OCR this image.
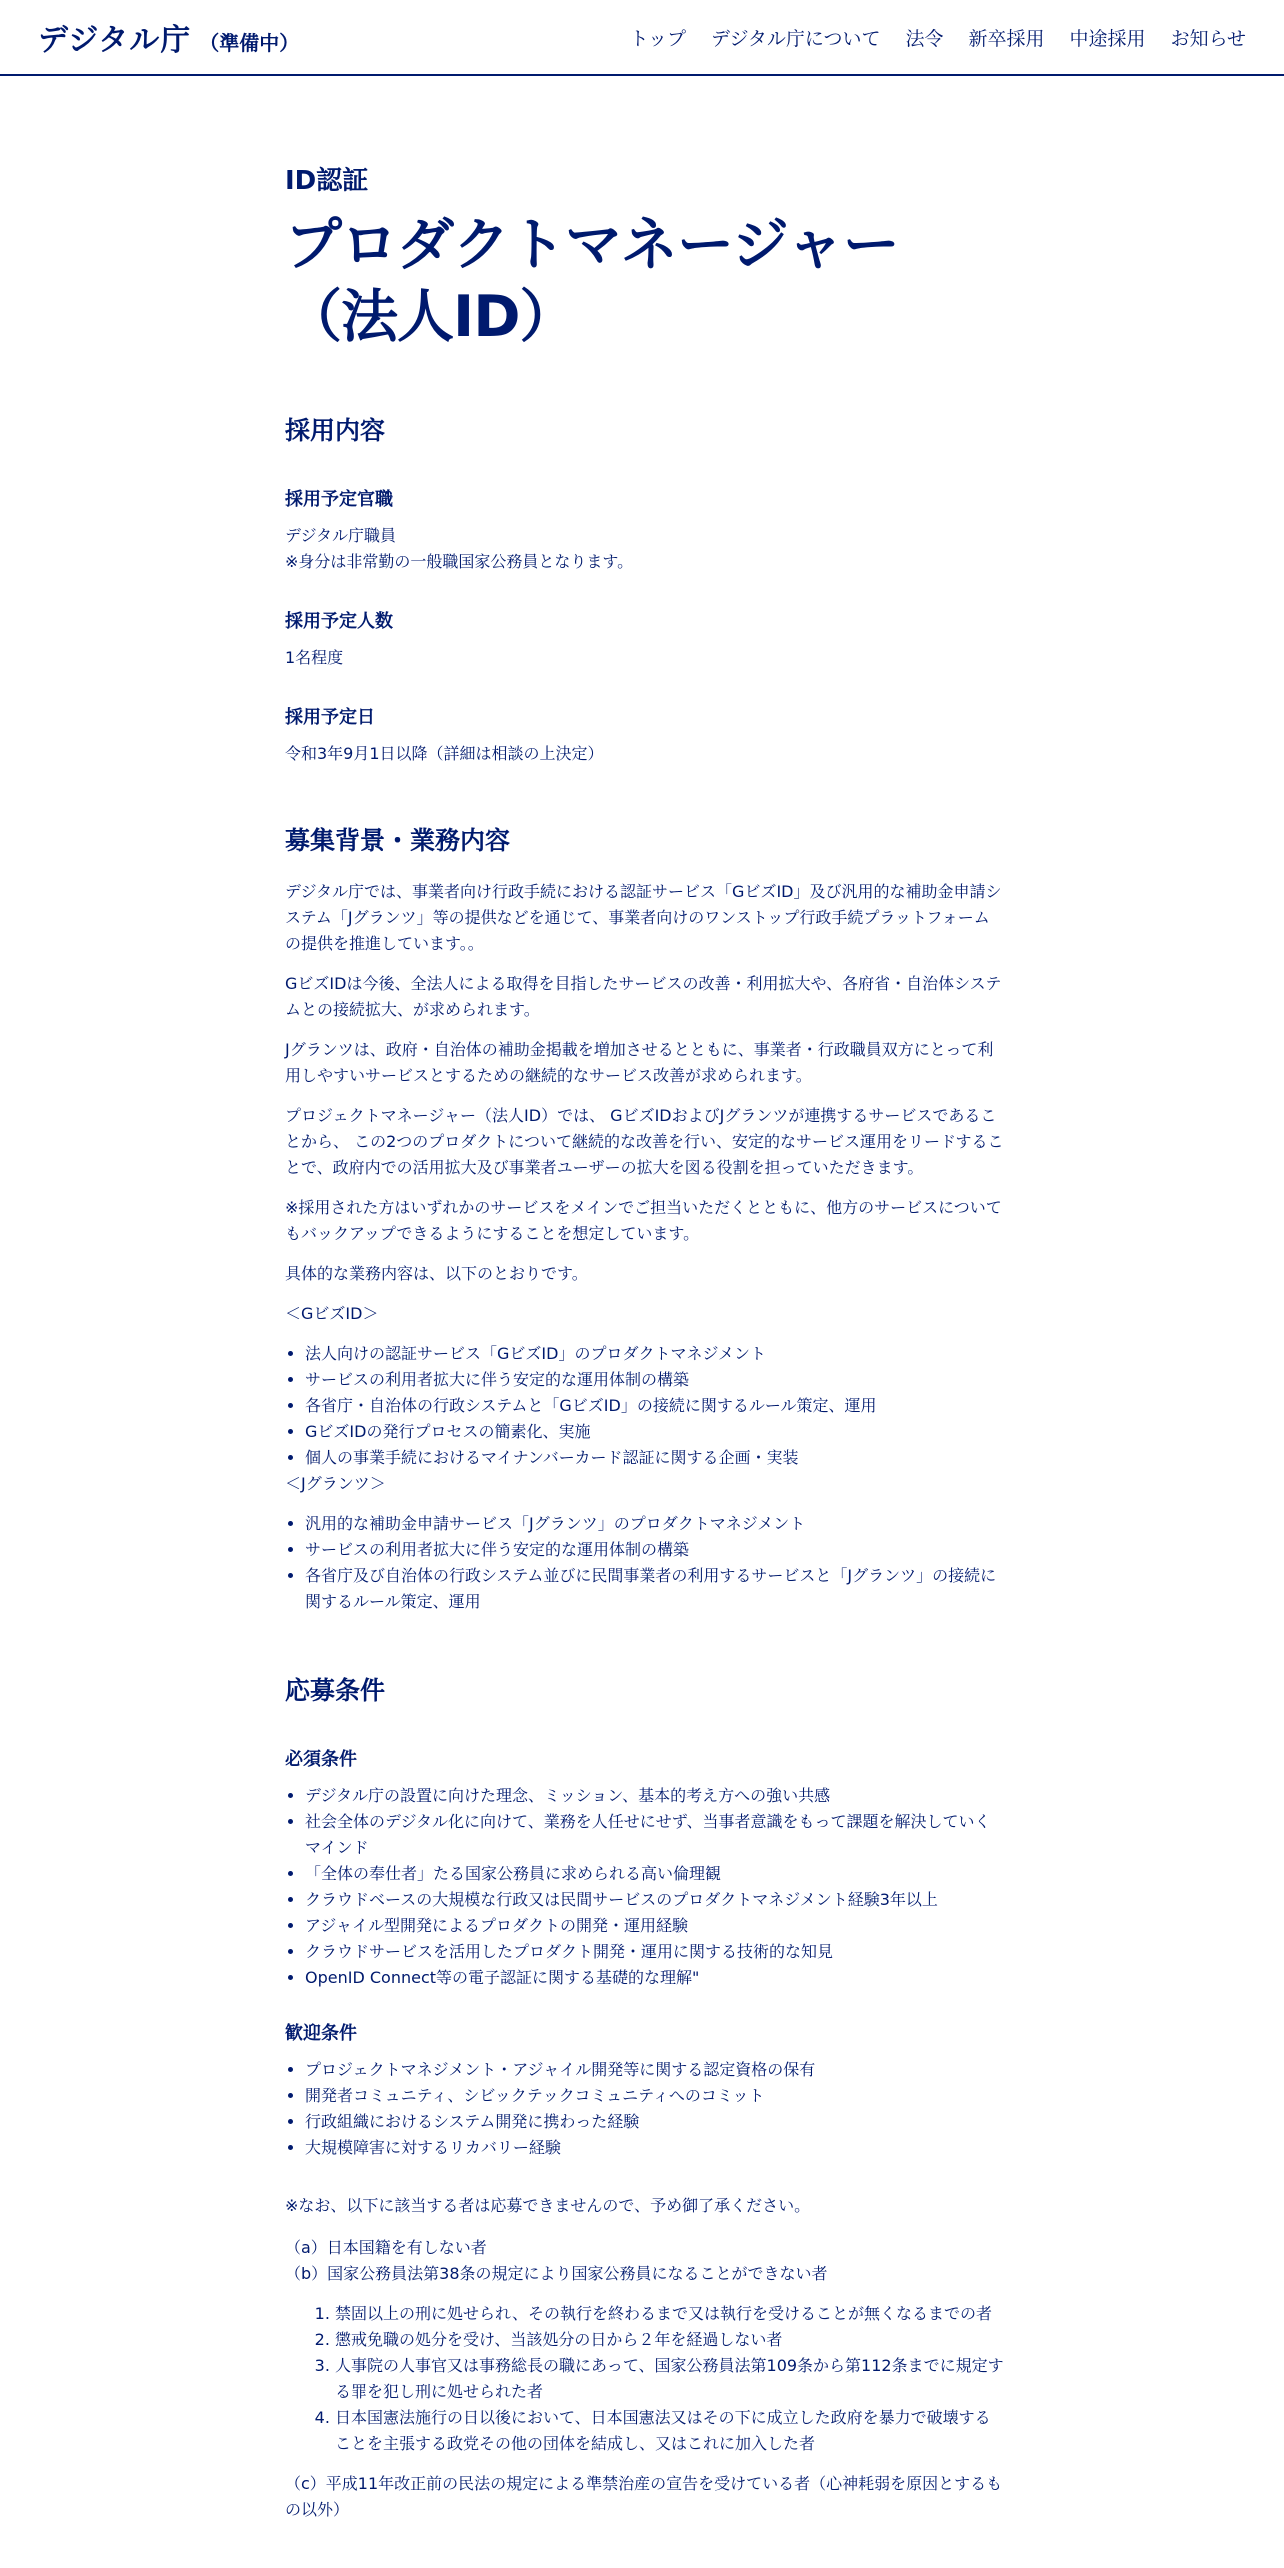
デジタル庁 （準備中）	トップ デジタル庁について 法令 新卒採用 中途採用 お知らせ
ID認証
プロダクトマネージャー（法人ID）
採用内容
採用予定官職

デジタル庁職員

※身分は非常勤の一般職国家公務員となります。

採用予定人数

1名程度

採用予定日

令和3年9月1日以降（詳細は相談の上決定）

募集背景・業務内容

デジタル庁では、事業者向け行政手続における認証サービス「GビズID」及び汎用的な補助金申請システム「Jグランツ」等の提供などを通じて、事業者向けのワンストップ行政手続プラットフォームの提供を推進しています。。

GビズIDは今後、全法人による取得を目指したサービスの改善・利用拡大や、各府省・自治体システムとの接続拡大、が求められます。

Jグランツは、政府・自治体の補助金掲載を増加させるとともに、事業者・行政職員双方にとって利用しやすいサービスとするための継続的なサービス改善が求められます。

プロジェクトマネージャー（法人ID）では、 GビズIDおよびJグランツが連携するサービスであることから、 この2つのプロダクトについて継続的な改善を行い、安定的なサービス運用をリードすることで、政府内での活用拡大及び事業者ユーザーの拡大を図る役割を担っていただきます。

※採用された方はいずれかのサービスをメインでご担当いただくとともに、他方のサービスについてもバックアップできるようにすることを想定しています。

具体的な業務内容は、以下のとおりです。

＜GビズID＞

• 法人向けの認証サービス「GビズID」のプロダクトマネジメント
• サービスの利用者拡大に伴う安定的な運用体制の構築
• 各省庁・自治体の行政システムと「GビズID」の接続に関するルール策定、運用
• GビズIDの発行プロセスの簡素化、実施
• 個人の事業手続におけるマイナンバーカード認証に関する企画・実装

＜Jグランツ＞

• 汎用的な補助金申請サービス「Jグランツ」のプロダクトマネジメント
• サービスの利用者拡大に伴う安定的な運用体制の構築
• 各省庁及び自治体の行政システム並びに民間事業者の利用するサービスと「Jグランツ」の接続に関するルール策定、運用
応募条件
必須条件
• デジタル庁の設置に向けた理念、ミッション、基本的考え方への強い共感
• 社会全体のデジタル化に向けて、業務を人任せにせず、当事者意識をもって課題を解決していくマインド
• 「全体の奉仕者」たる国家公務員に求められる高い倫理観
• クラウドベースの大規模な行政又は民間サービスのプロダクトマネジメント経験3年以上
• アジャイル型開発によるプロダクトの開発・運用経験
• クラウドサービスを活用したプロダクト開発・運用に関する技術的な知見
• OpenID Connect等の電子認証に関する基礎的な理解"
歓迎条件
• プロジェクトマネジメント・アジャイル開発等に関する認定資格の保有
• 開発者コミュニティ、シビックテックコミュニティへのコミット
• 行政組織におけるシステム開発に携わった経験
• 大規模障害に対するリカバリー経験

※なお、以下に該当する者は応募できませんので、予め御了承ください。

（a）日本国籍を有しない者

（b）国家公務員法第38条の規定により国家公務員になることができない者

1. 禁固以上の刑に処せられ、その執行を終わるまで又は執行を受けることが無くなるまでの者
2. 懲戒免職の処分を受け、当該処分の日から２年を経過しない者
3. 人事院の人事官又は事務総長の職にあって、国家公務員法第109条から第112条までに規定する罪を犯し刑に処せられた者
4. 日本国憲法施行の日以後において、日本国憲法又はその下に成立した政府を暴力で破壊することを主張する政党その他の団体を結成し、又はこれに加入した者

（c）平成11年改正前の民法の規定による準禁治産の宣告を受けている者（心神耗弱を原因とするもの以外）
